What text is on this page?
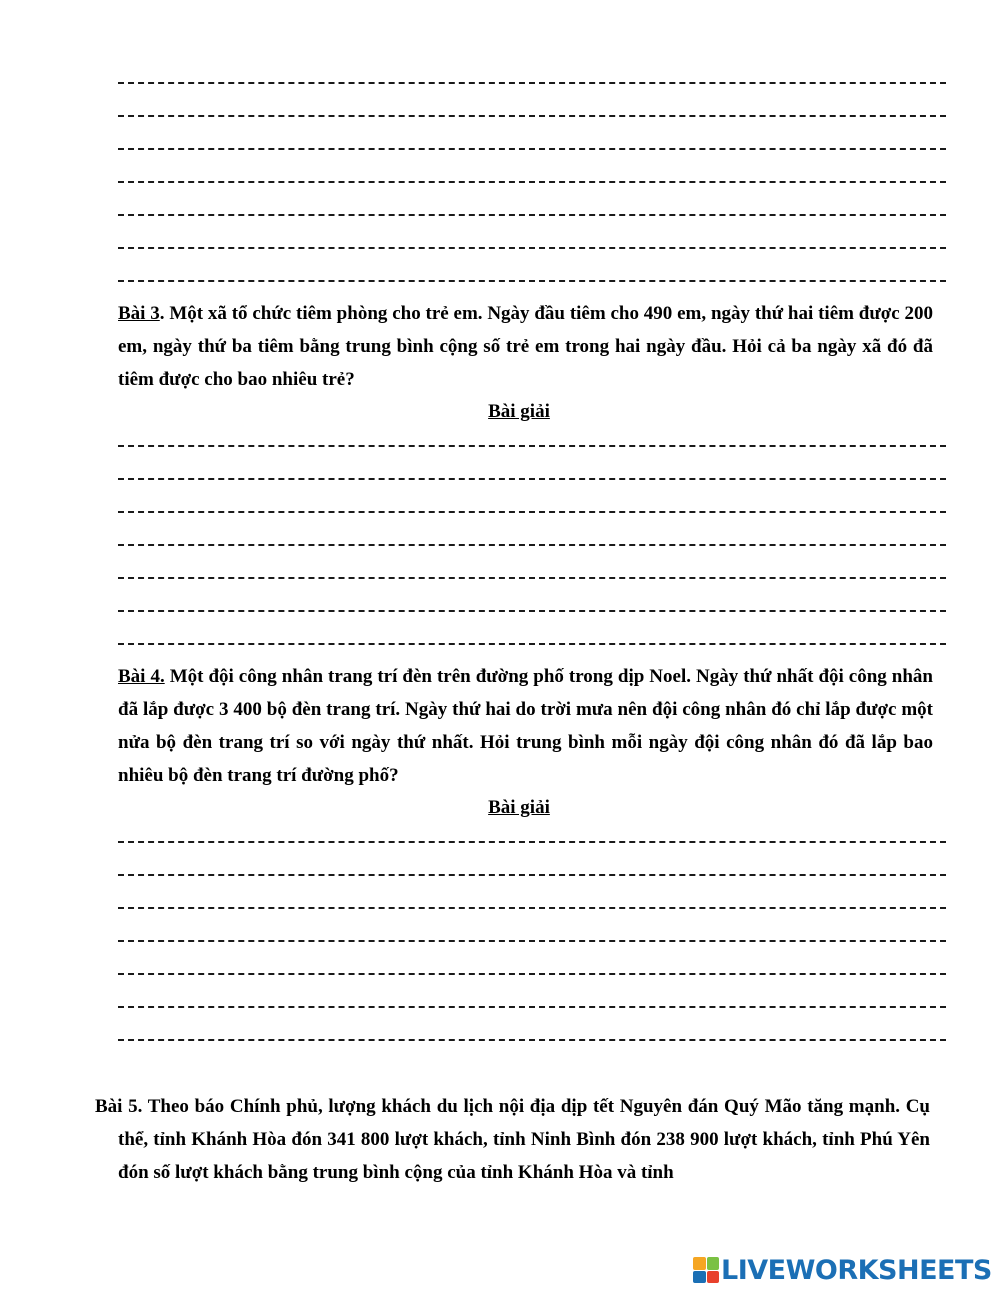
Bài 3. Một xã tổ chức tiêm phòng cho trẻ em. Ngày đầu tiêm cho 490 em, ngày thứ hai tiêm được 200 em, ngày thứ ba tiêm bằng trung bình cộng số trẻ em trong hai ngày đầu. Hỏi cả ba ngày xã đó đã tiêm được cho bao nhiêu trẻ?
Bài giải
Bài 4. Một đội công nhân trang trí đèn trên đường phố trong dịp Noel. Ngày thứ nhất đội công nhân đã lắp được 3 400 bộ đèn trang trí. Ngày thứ hai do trời mưa nên đội công nhân đó chỉ lắp được một nửa bộ đèn trang trí so với ngày thứ nhất. Hỏi trung bình mỗi ngày đội công nhân đó đã lắp bao nhiêu bộ đèn trang trí đường phố?
Bài giải
Bài 5. Theo báo Chính phủ, lượng khách du lịch nội địa dịp tết Nguyên đán Quý Mão tăng mạnh. Cụ thể, tỉnh Khánh Hòa đón 341 800 lượt khách, tỉnh Ninh Bình đón 238 900 lượt khách, tỉnh Phú Yên đón số lượt khách bằng trung bình cộng của tỉnh Khánh Hòa và tỉnh
LIVEWORKSHEETS
